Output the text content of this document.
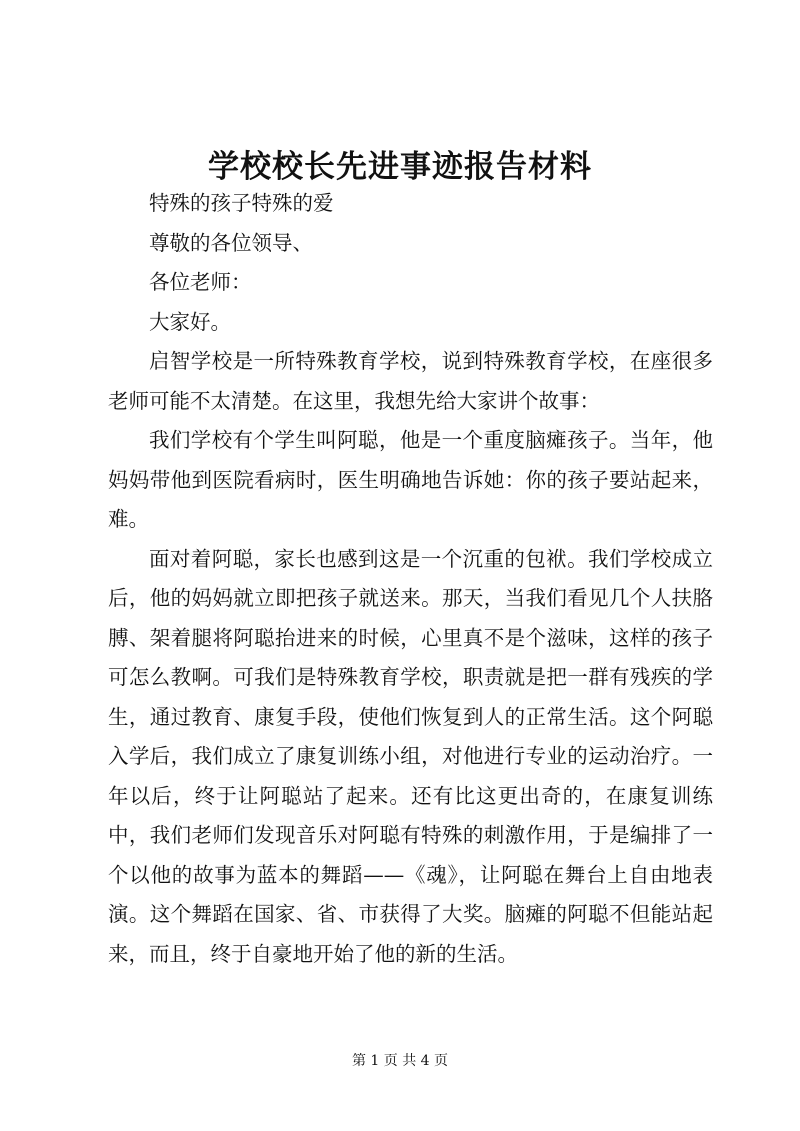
学校校长先进事迹报告材料

特殊的孩子特殊的爱

尊敬的各位领导、

各位老师：

大家好。

启智学校是一所特殊教育学校，说到特殊教育学校，在座很多老师可能不太清楚。在这里，我想先给大家讲个故事：

我们学校有个学生叫阿聪，他是一个重度脑瘫孩子。当年，他妈妈带他到医院看病时，医生明确地告诉她：你的孩子要站起来，难。

面对着阿聪，家长也感到这是一个沉重的包袱。我们学校成立后，他的妈妈就立即把孩子就送来。那天，当我们看见几个人扶胳膊、架着腿将阿聪抬进来的时候，心里真不是个滋味，这样的孩子可怎么教啊。可我们是特殊教育学校，职责就是把一群有残疾的学生，通过教育、康复手段，使他们恢复到人的正常生活。这个阿聪入学后，我们成立了康复训练小组，对他进行专业的运动治疗。一年以后，终于让阿聪站了起来。还有比这更出奇的，在康复训练中，我们老师们发现音乐对阿聪有特殊的刺激作用，于是编排了一个以他的故事为蓝本的舞蹈——《魂》，让阿聪在舞台上自由地表演。这个舞蹈在国家、省、市获得了大奖。脑瘫的阿聪不但能站起来，而且，终于自豪地开始了他的新的生活。

第 1 页 共 4 页
